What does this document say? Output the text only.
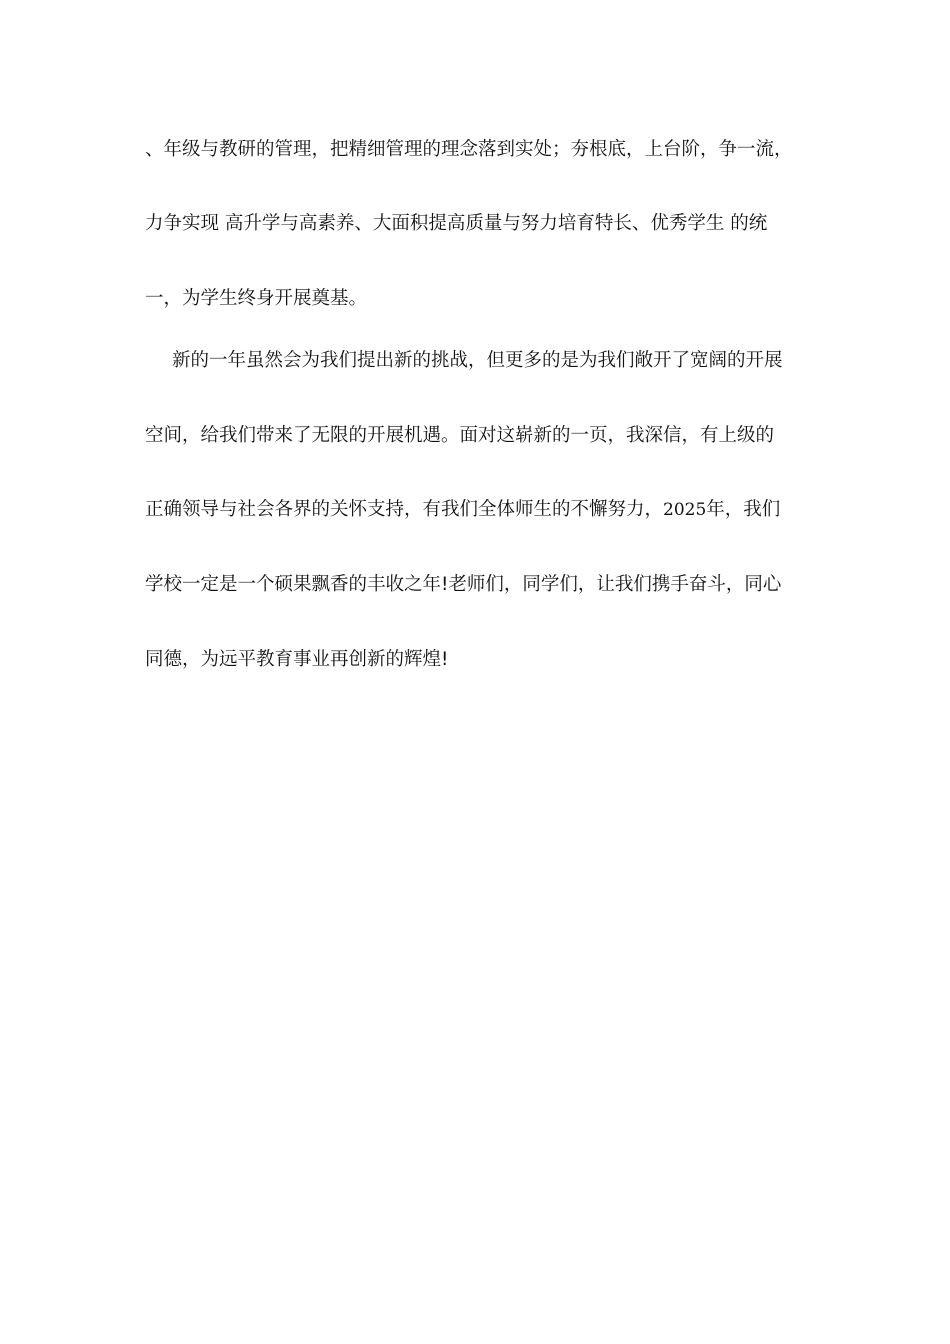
、年级与教研的管理，把精细管理的理念落到实处；夯根底，上台阶，争一流，
力争实现 高升学与高素养、大面积提高质量与努力培育特长、优秀学生 的统
一，为学生终身开展奠基。
新的一年虽然会为我们提出新的挑战，但更多的是为我们敞开了宽阔的开展
空间，给我们带来了无限的开展机遇。面对这崭新的一页，我深信，有上级的
正确领导与社会各界的关怀支持，有我们全体师生的不懈努力，2025年，我们
学校一定是一个硕果飘香的丰收之年!老师们，同学们，让我们携手奋斗，同心
同德，为远平教育事业再创新的辉煌!
